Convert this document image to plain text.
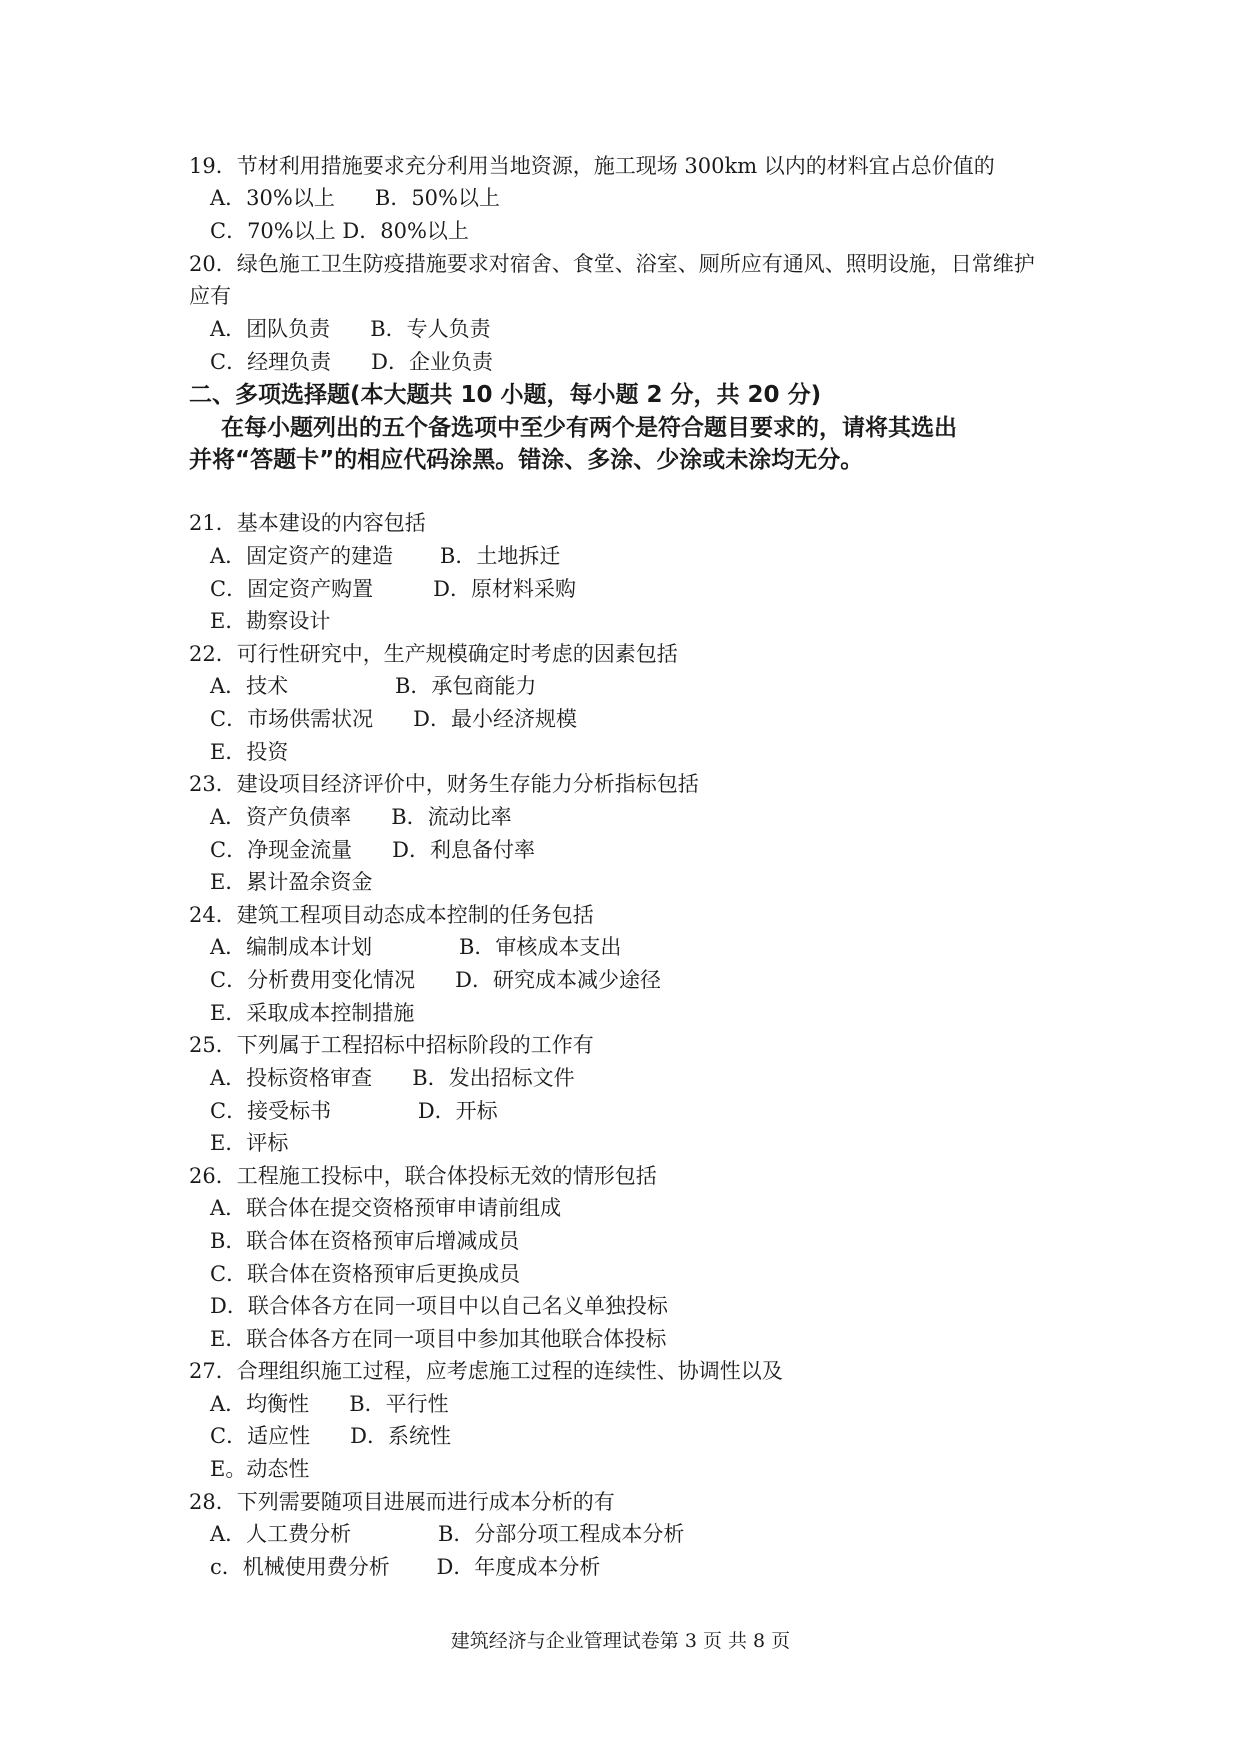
19．节材利用措施要求充分利用当地资源，施工现场 300km 以内的材料宜占总价值的
A．30%以上      B．50%以上
C．70%以上 D．80%以上
20．绿色施工卫生防疫措施要求对宿舍、食堂、浴室、厕所应有通风、照明设施，日常维护
应有
A．团队负责      B．专人负责
C．经理负责      D．企业负责
二、多项选择题(本大题共 10 小题，每小题 2 分，共 20 分)
在每小题列出的五个备选项中至少有两个是符合题目要求的，请将其选出
并将“答题卡”的相应代码涂黑。错涂、多涂、少涂或未涂均无分。
21．基本建设的内容包括
A．固定资产的建造       B．土地拆迁
C．固定资产购置         D．原材料采购
E．勘察设计
22．可行性研究中，生产规模确定时考虑的因素包括
A．技术                B．承包商能力
C．市场供需状况      D．最小经济规模
E．投资
23．建设项目经济评价中，财务生存能力分析指标包括
A．资产负债率      B．流动比率
C．净现金流量      D．利息备付率
E．累计盈余资金
24．建筑工程项目动态成本控制的任务包括
A．编制成本计划             B．审核成本支出
C．分析费用变化情况      D．研究成本减少途径
E．采取成本控制措施
25．下列属于工程招标中招标阶段的工作有
A．投标资格审查      B．发出招标文件
C．接受标书             D．开标
E．评标
26．工程施工投标中，联合体投标无效的情形包括
A．联合体在提交资格预审申请前组成
B．联合体在资格预审后增减成员
C．联合体在资格预审后更换成员
D．联合体各方在同一项目中以自己名义单独投标
E．联合体各方在同一项目中参加其他联合体投标
27．合理组织施工过程，应考虑施工过程的连续性、协调性以及
A．均衡性      B．平行性
C．适应性      D．系统性
E。动态性
28．下列需要随项目进展而进行成本分析的有
A．人工费分析             B．分部分项工程成本分析
c．机械使用费分析       D．年度成本分析
建筑经济与企业管理试卷第 3 页 共 8 页
